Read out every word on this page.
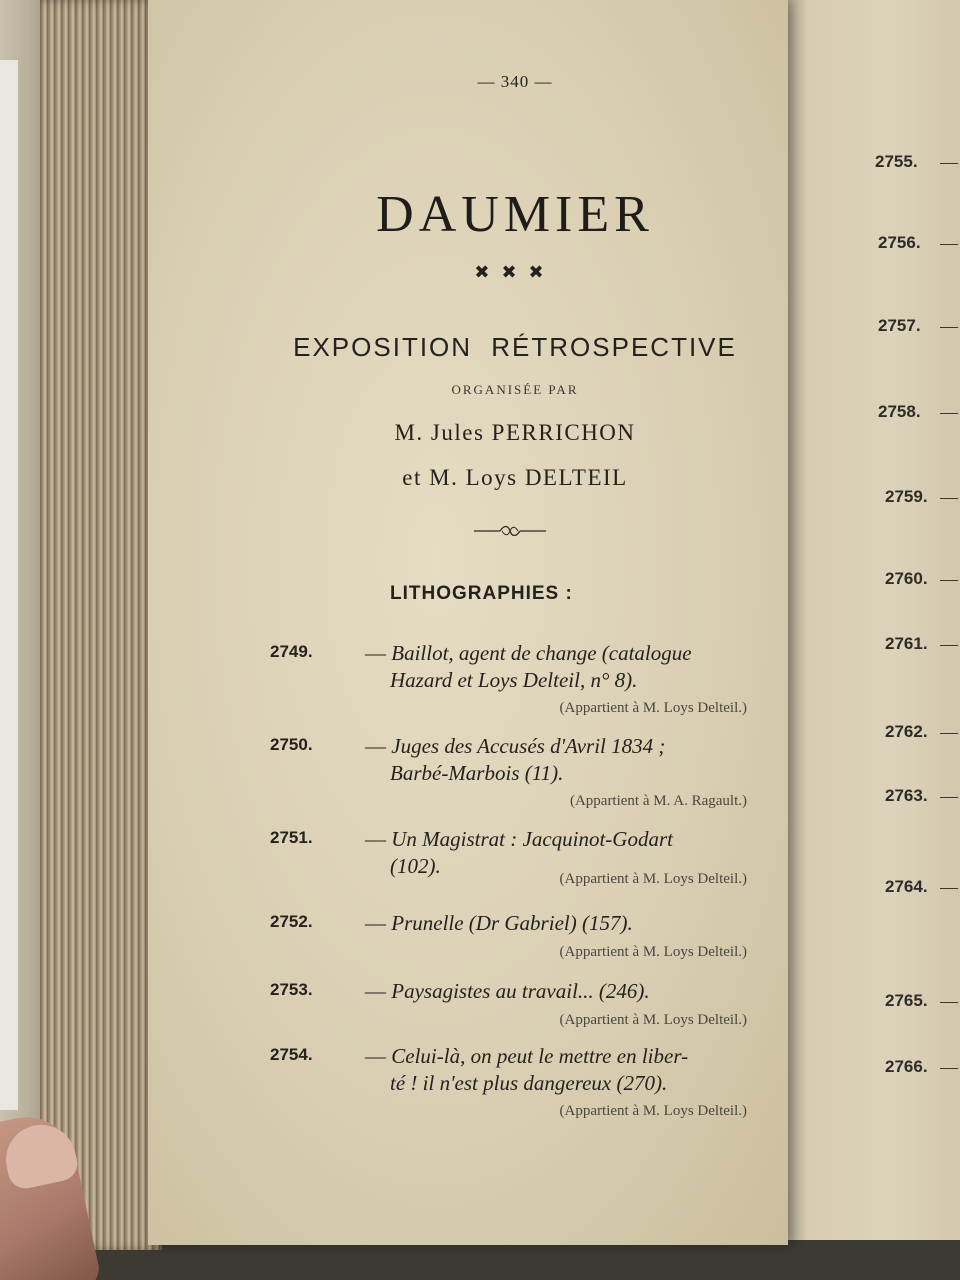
2755.
2756.
2757.
2758.
2759.
2760.
2761.
2762.
2763.
2764.
2765.
2766.
— 340 —
DAUMIER
✖✖✖
EXPOSITION RÉTROSPECTIVE
ORGANISÉE PAR
M. Jules PERRICHON
et M. Loys DELTEIL
LITHOGRAPHIES :
2749. — Baillot, agent de change (catalogue
Hazard et Loys Delteil, n° 8).
(Appartient à M. Loys Delteil.)
2750. — Juges des Accusés d'Avril 1834 ;
Barbé-Marbois (11).
(Appartient à M. A. Ragault.)
2751. — Un Magistrat : Jacquinot-Godart
(102).
(Appartient à M. Loys Delteil.)
2752. — Prunelle (Dr Gabriel) (157).
(Appartient à M. Loys Delteil.)
2753. — Paysagistes au travail... (246).
(Appartient à M. Loys Delteil.)
2754. — Celui-là, on peut le mettre en liber-
té ! il n'est plus dangereux (270).
(Appartient à M. Loys Delteil.)
